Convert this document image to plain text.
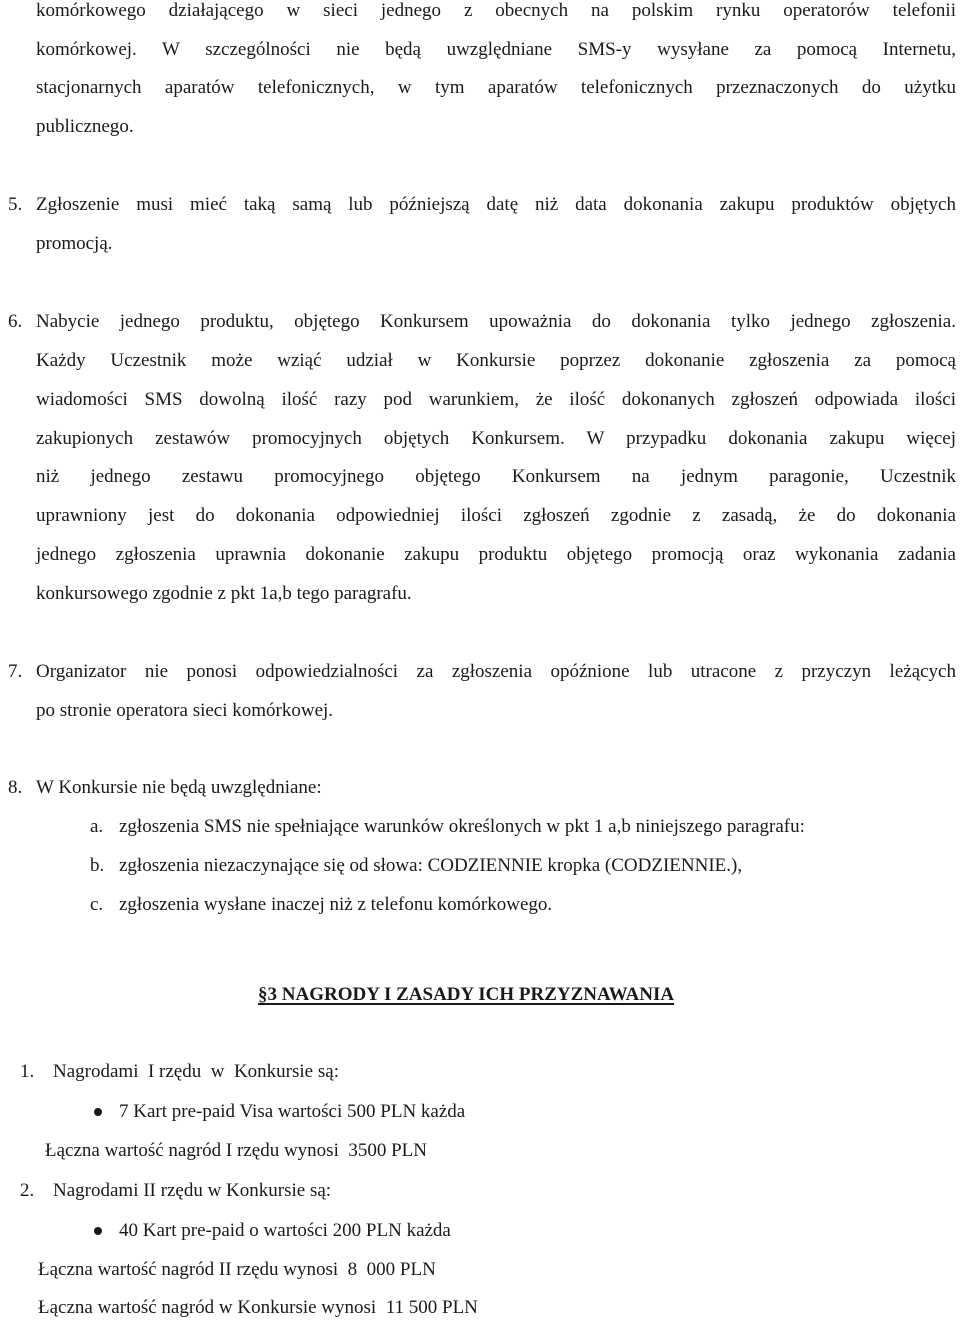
komórkowego działającego w sieci jednego z obecnych na polskim rynku operatorów telefonii
komórkowej. W szczególności nie będą uwzględniane SMS-y wysyłane za pomocą Internetu,
stacjonarnych aparatów telefonicznych, w tym aparatów telefonicznych przeznaczonych do użytku
publicznego.
5. Zgłoszenie musi mieć taką samą lub późniejszą datę niż data dokonania zakupu produktów objętych
promocją.
6. Nabycie jednego produktu, objętego Konkursem upoważnia do dokonania tylko jednego zgłoszenia.
Każdy Uczestnik może wziąć udział w Konkursie poprzez dokonanie zgłoszenia za pomocą
wiadomości SMS dowolną ilość razy pod warunkiem, że ilość dokonanych zgłoszeń odpowiada ilości
zakupionych zestawów promocyjnych objętych Konkursem. W przypadku dokonania zakupu więcej
niż jednego zestawu promocyjnego objętego Konkursem na jednym paragonie, Uczestnik
uprawniony jest do dokonania odpowiedniej ilości zgłoszeń zgodnie z zasadą, że do dokonania
jednego zgłoszenia uprawnia dokonanie zakupu produktu objętego promocją oraz wykonania zadania
konkursowego zgodnie z pkt 1a,b tego paragrafu.
7. Organizator nie ponosi odpowiedzialności za zgłoszenia opóźnione lub utracone z przyczyn leżących
po stronie operatora sieci komórkowej.
8. W Konkursie nie będą uwzględniane:
a. zgłoszenia SMS nie spełniające warunków określonych w pkt 1 a,b niniejszego paragrafu:
b. zgłoszenia niezaczynające się od słowa: CODZIENNIE kropka (CODZIENNIE.),
c. zgłoszenia wysłane inaczej niż z telefonu komórkowego.
§3 NAGRODY I ZASADY ICH PRZYZNAWANIA
1. Nagrodami  I rzędu  w  Konkursie są:
7 Kart pre-paid Visa wartości 500 PLN każda
Łączna wartość nagród I rzędu wynosi  3500 PLN
2. Nagrodami II rzędu w Konkursie są:
40 Kart pre-paid o wartości 200 PLN każda
Łączna wartość nagród II rzędu wynosi  8  000 PLN
Łączna wartość nagród w Konkursie wynosi  11 500 PLN
